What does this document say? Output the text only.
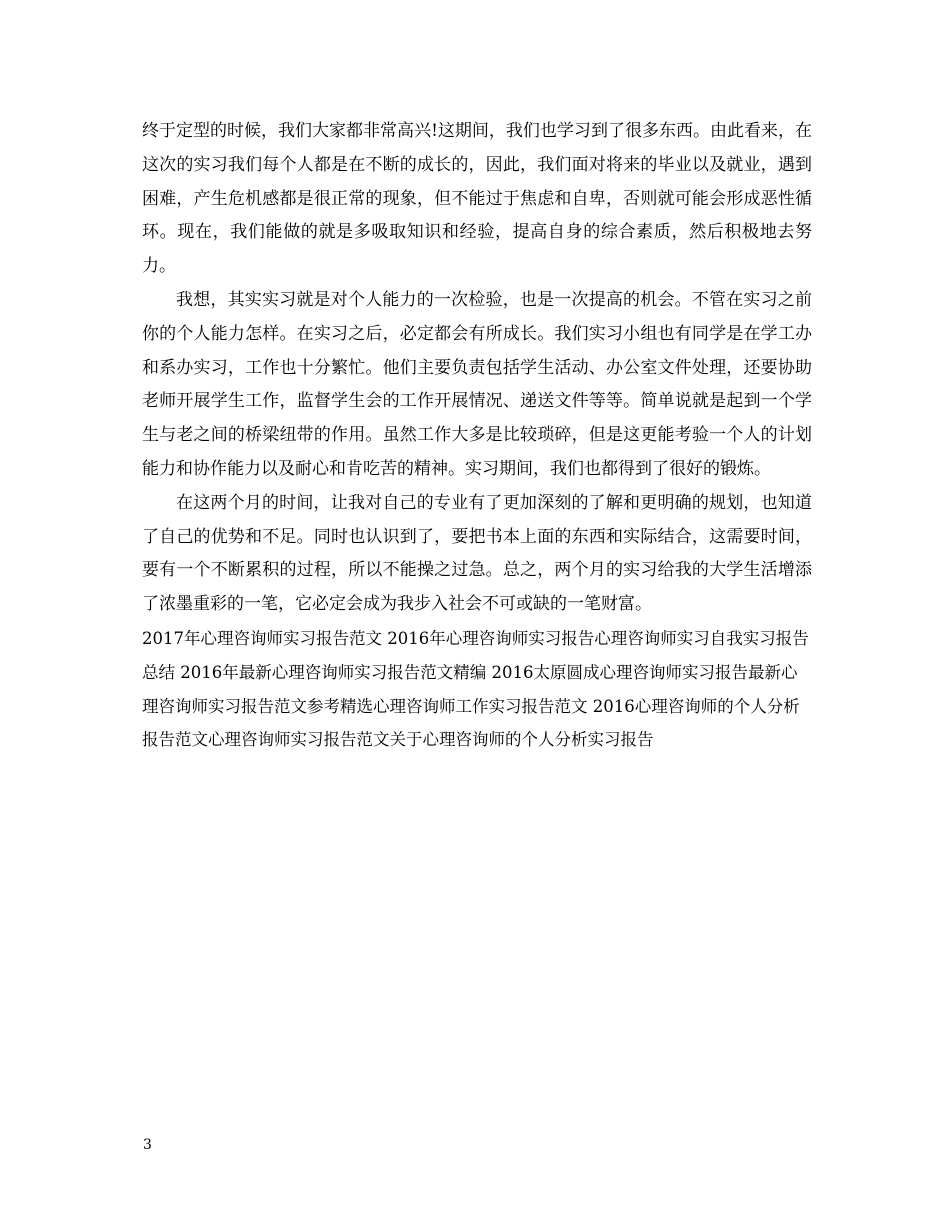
终于定型的时候，我们大家都非常高兴!这期间，我们也学习到了很多东西。由此看来，在这次的实习我们每个人都是在不断的成长的，因此，我们面对将来的毕业以及就业，遇到困难，产生危机感都是很正常的现象，但不能过于焦虑和自卑，否则就可能会形成恶性循环。现在，我们能做的就是多吸取知识和经验，提高自身的综合素质，然后积极地去努力。

我想，其实实习就是对个人能力的一次检验，也是一次提高的机会。不管在实习之前你的个人能力怎样。在实习之后，必定都会有所成长。我们实习小组也有同学是在学工办和系办实习，工作也十分繁忙。他们主要负责包括学生活动、办公室文件处理，还要协助老师开展学生工作，监督学生会的工作开展情况、递送文件等等。简单说就是起到一个学生与老之间的桥梁纽带的作用。虽然工作大多是比较琐碎，但是这更能考验一个人的计划能力和协作能力以及耐心和肯吃苦的精神。实习期间，我们也都得到了很好的锻炼。

在这两个月的时间，让我对自己的专业有了更加深刻的了解和更明确的规划，也知道了自己的优势和不足。同时也认识到了，要把书本上面的东西和实际结合，这需要时间，要有一个不断累积的过程，所以不能操之过急。总之，两个月的实习给我的大学生活增添了浓墨重彩的一笔，它必定会成为我步入社会不可或缺的一笔财富。

2017年心理咨询师实习报告范文 2016年心理咨询师实习报告心理咨询师实习自我实习报告总结 2016年最新心理咨询师实习报告范文精编 2016太原圆成心理咨询师实习报告最新心理咨询师实习报告范文参考精选心理咨询师工作实习报告范文 2016心理咨询师的个人分析报告范文心理咨询师实习报告范文关于心理咨询师的个人分析实习报告

3
